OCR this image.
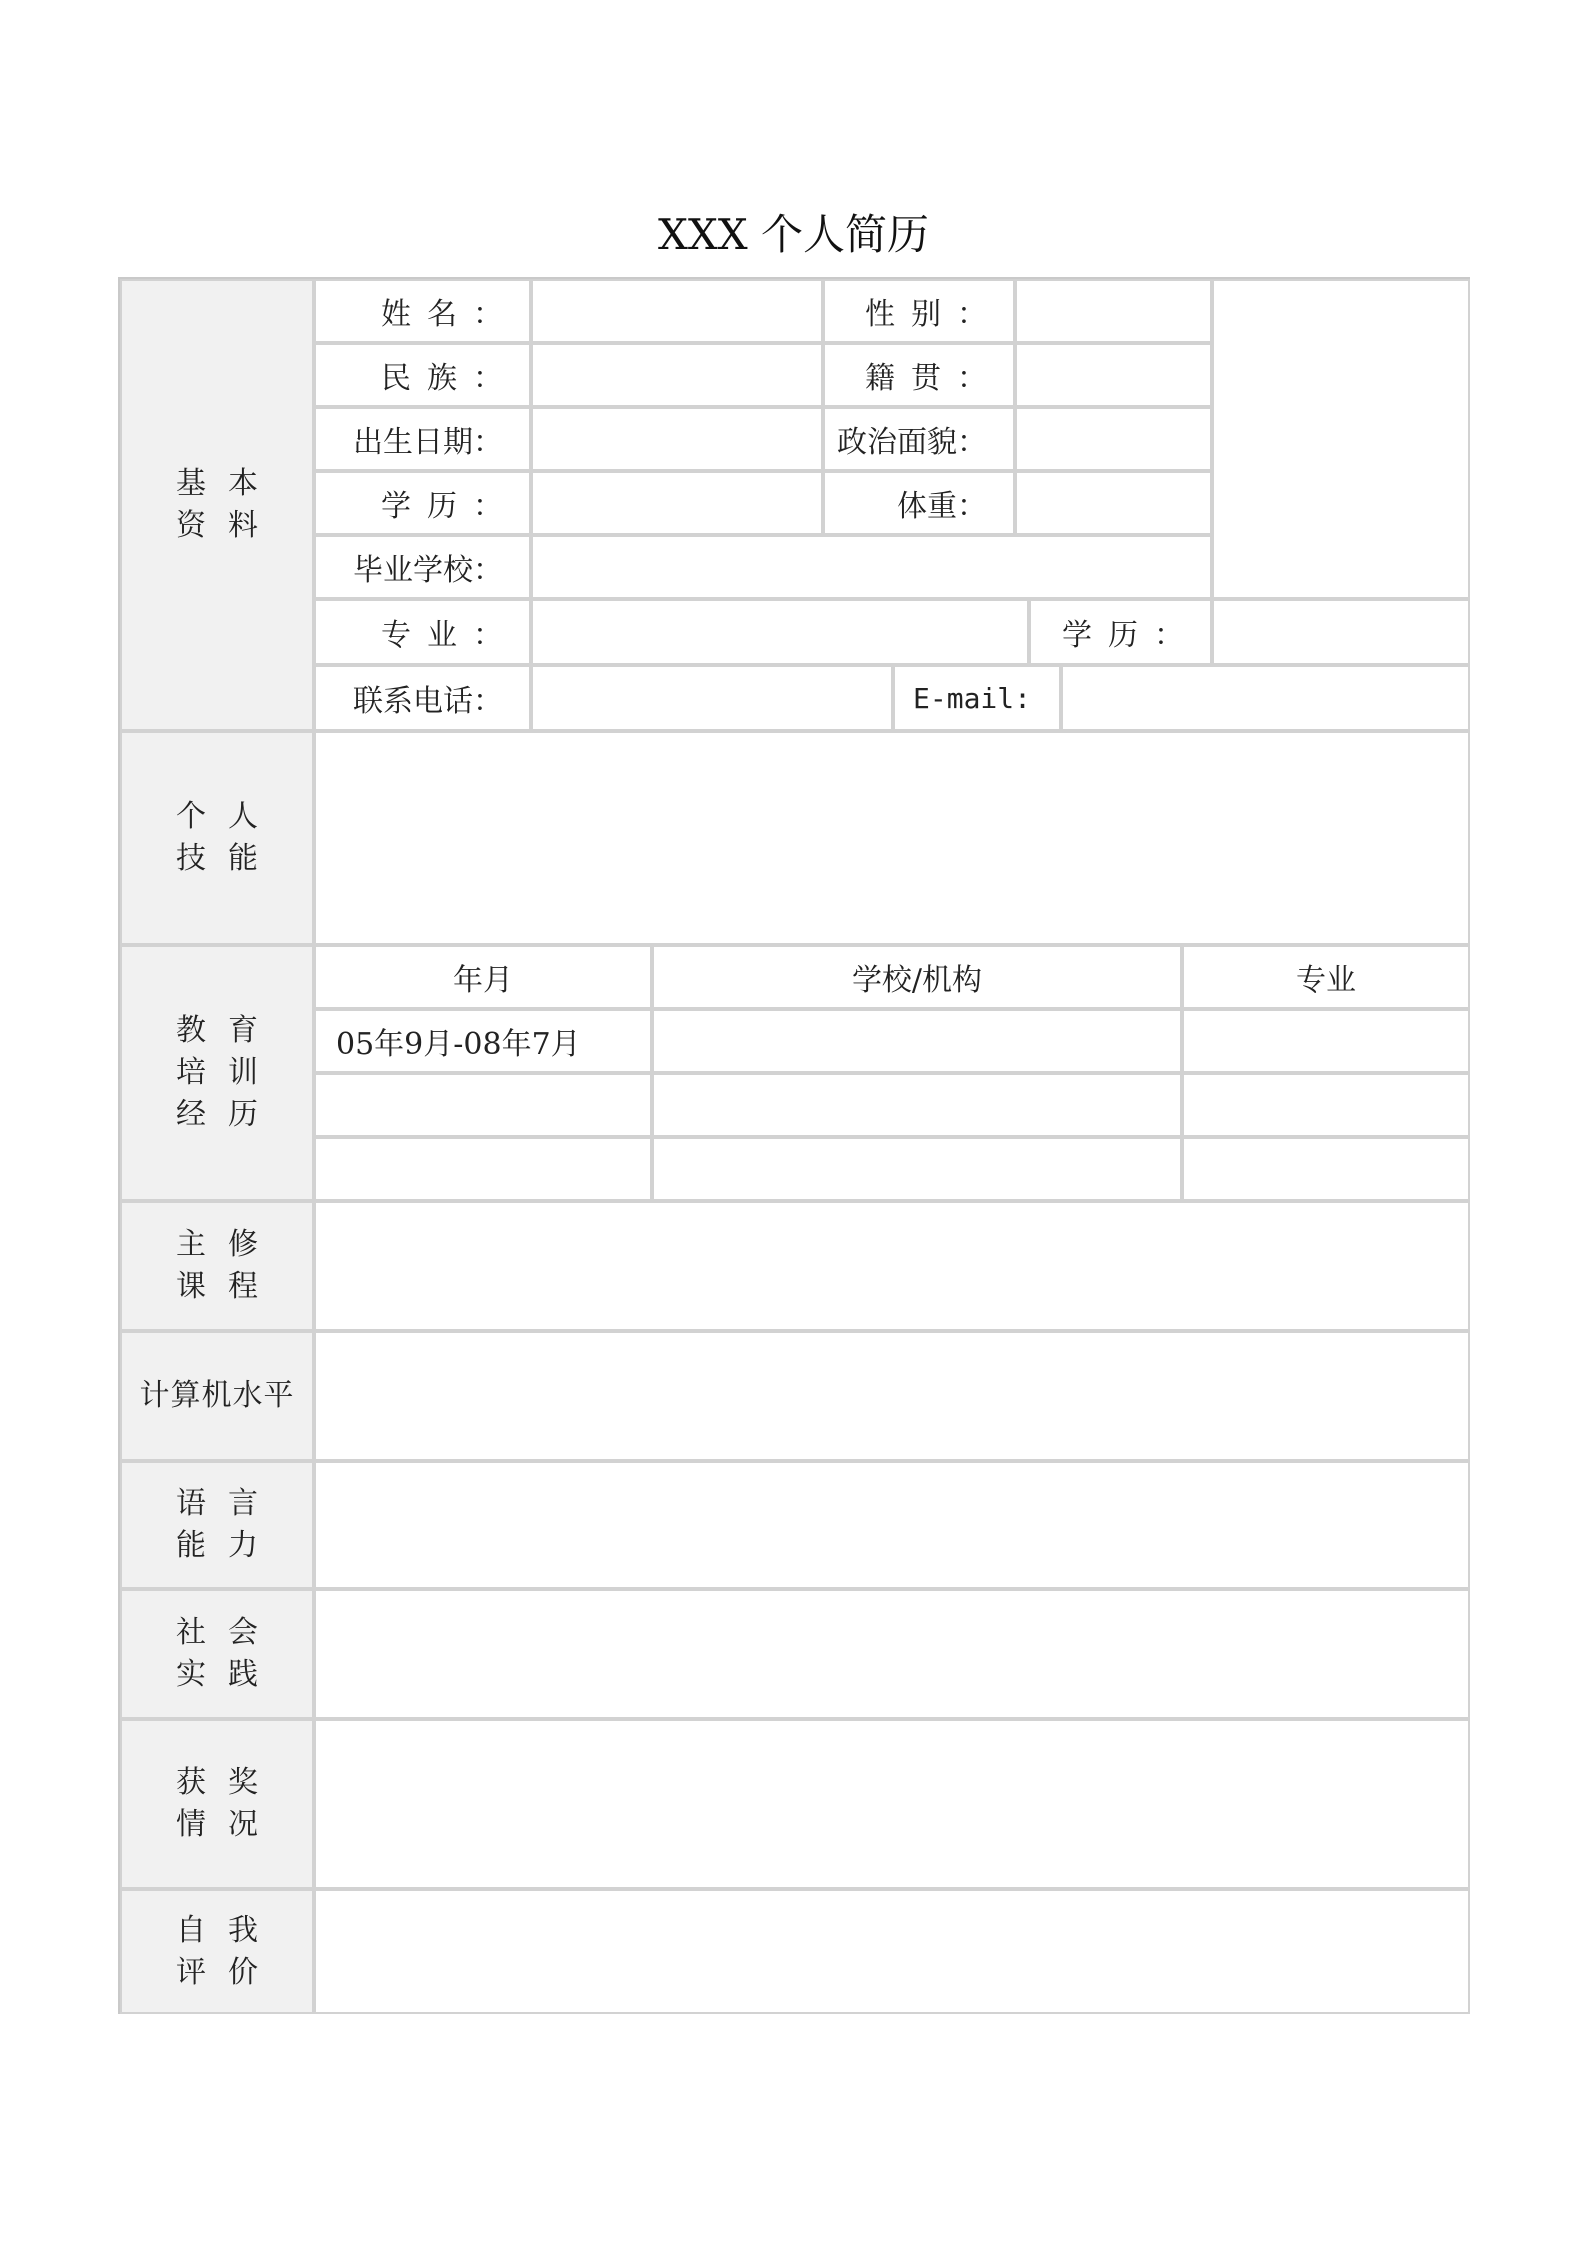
XXX 个人简历
基本
资料
姓名：	性别：
民族：	籍贯：
出生日期：	政治面貌：
学历：	体重：
毕业学校：
专业：	学历：
联系电话：	E-mail:
个人
技能
教育
培训
经历
年月	学校/机构	专业
05年9月-08年7月
主修
课程
计算机水平
语言
能力
社会
实践
获奖
情况
自我
评价
